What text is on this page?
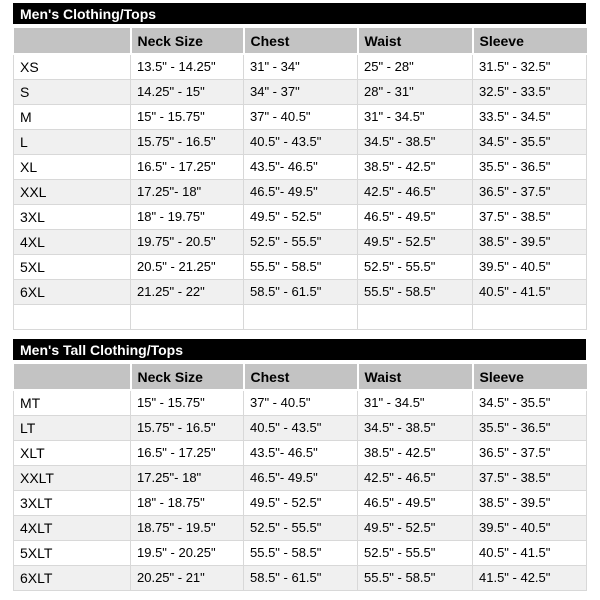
Men's Clothing/Tops
	Neck Size	Chest	Waist	Sleeve
XS	13.5" - 14.25"	31" - 34"	25" - 28"	31.5" - 32.5"
S	14.25" - 15"	34" - 37"	28" - 31"	32.5" - 33.5"
M	15" - 15.75"	37" - 40.5"	31" - 34.5"	33.5" - 34.5"
L	15.75" - 16.5"	40.5" - 43.5"	34.5" - 38.5"	34.5" - 35.5"
XL	16.5" - 17.25"	43.5"- 46.5"	38.5" - 42.5"	35.5" - 36.5"
XXL	17.25"- 18"	46.5"- 49.5"	42.5" - 46.5"	36.5" - 37.5"
3XL	18" - 19.75"	49.5" - 52.5"	46.5" - 49.5"	37.5" - 38.5"
4XL	19.75" - 20.5"	52.5" - 55.5"	49.5" - 52.5"	38.5" - 39.5"
5XL	20.5" - 21.25"	55.5" - 58.5"	52.5" - 55.5"	39.5" - 40.5"
6XL	21.25" - 22"	58.5" - 61.5"	55.5" - 58.5"	40.5" - 41.5"

Men's Tall Clothing/Tops
	Neck Size	Chest	Waist	Sleeve
MT	15" - 15.75"	37" - 40.5"	31" - 34.5"	34.5" - 35.5"
LT	15.75" - 16.5"	40.5" - 43.5"	34.5" - 38.5"	35.5" - 36.5"
XLT	16.5" - 17.25"	43.5"- 46.5"	38.5" - 42.5"	36.5" - 37.5"
XXLT	17.25"- 18"	46.5"- 49.5"	42.5" - 46.5"	37.5" - 38.5"
3XLT	18" - 18.75"	49.5" - 52.5"	46.5" - 49.5"	38.5" - 39.5"
4XLT	18.75" - 19.5"	52.5" - 55.5"	49.5" - 52.5"	39.5" - 40.5"
5XLT	19.5" - 20.25"	55.5" - 58.5"	52.5" - 55.5"	40.5" - 41.5"
6XLT	20.25" - 21"	58.5" - 61.5"	55.5" - 58.5"	41.5" - 42.5"
